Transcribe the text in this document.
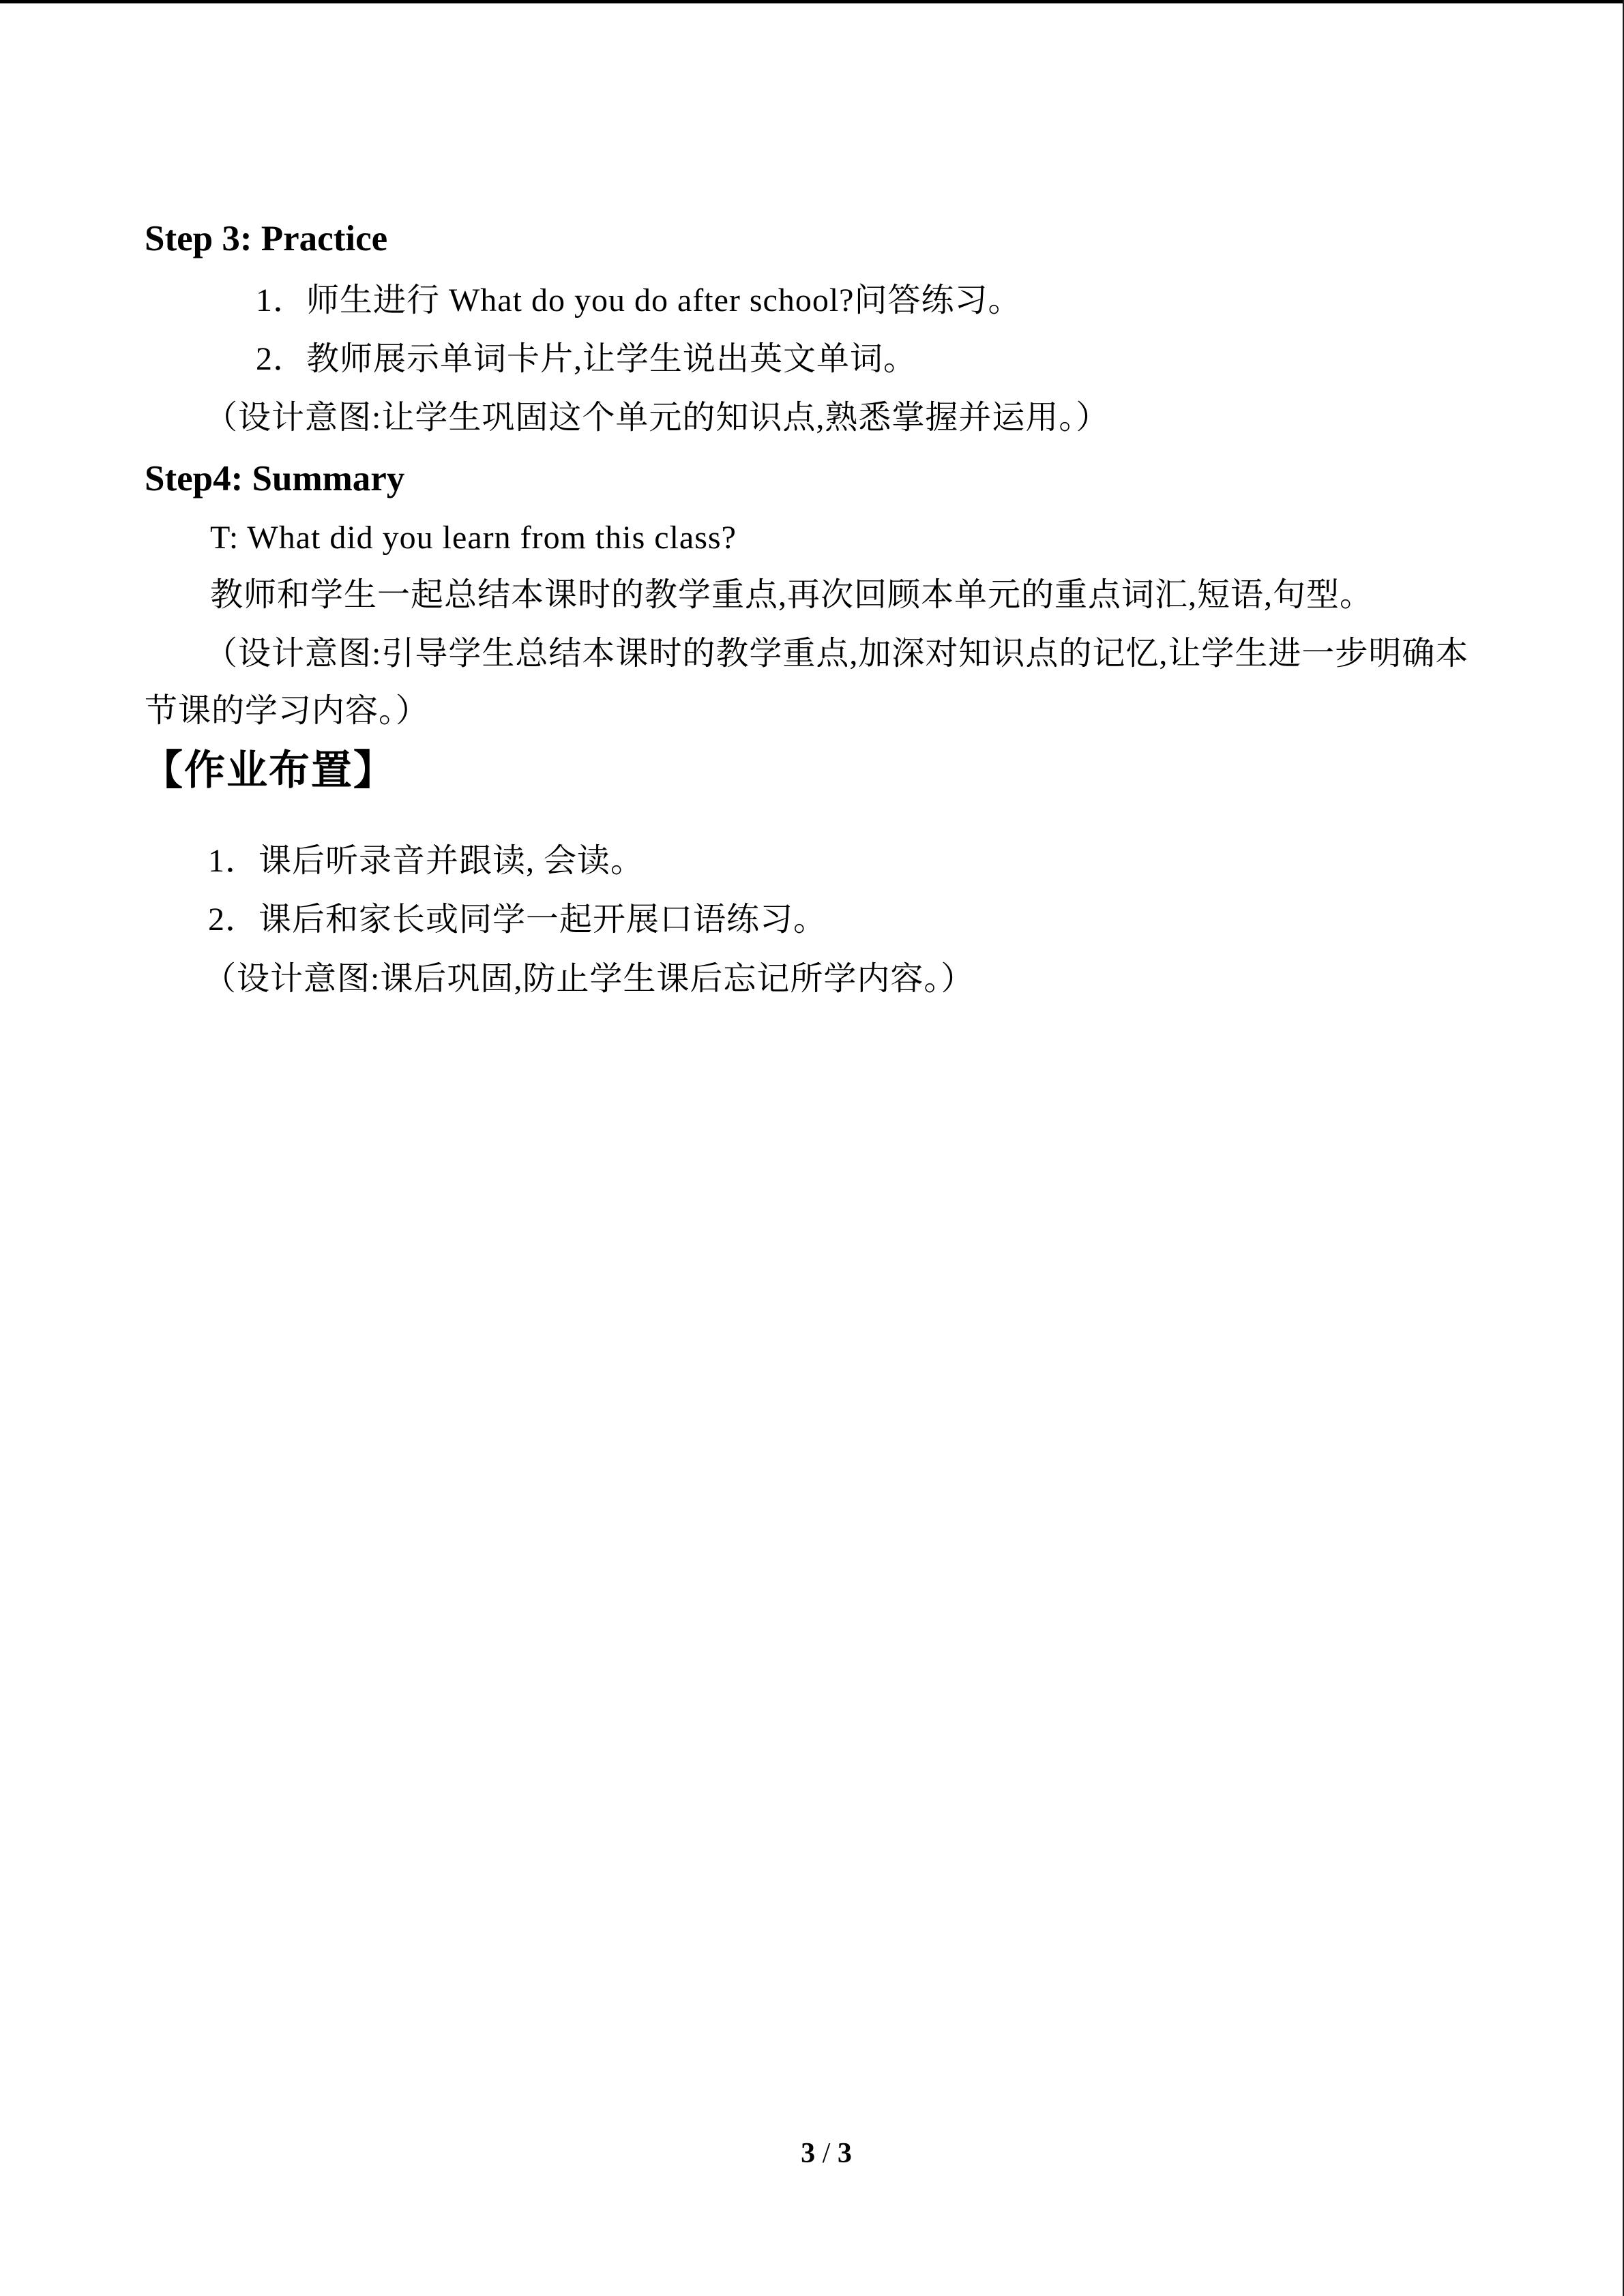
Step 3: Practice
1．师生进行 What do you do after school?问答练习。
2．教师展示单词卡片,让学生说出英文单词。
（设计意图:让学生巩固这个单元的知识点,熟悉掌握并运用。）
Step4: Summary
T: What did you learn from this class?
教师和学生一起总结本课时的教学重点,再次回顾本单元的重点词汇,短语,句型。
（设计意图:引导学生总结本课时的教学重点,加深对知识点的记忆,让学生进一步明确本
节课的学习内容。）
【作业布置】
1．课后听录音并跟读, 会读。
2．课后和家长或同学一起开展口语练习。
（设计意图:课后巩固,防止学生课后忘记所学内容。）

3 / 3
